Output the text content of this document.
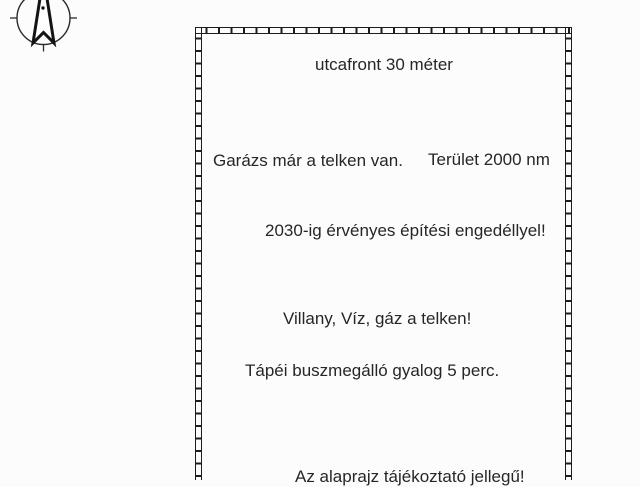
utcafront 30 méter
Garázs már a telken van. Terület 2000 nm
2030-ig érvényes építési engedéllyel!
Villany, Víz, gáz a telken!
Tápéi buszmegálló gyalog 5 perc.
Az alaprajz tájékoztató jellegű!
